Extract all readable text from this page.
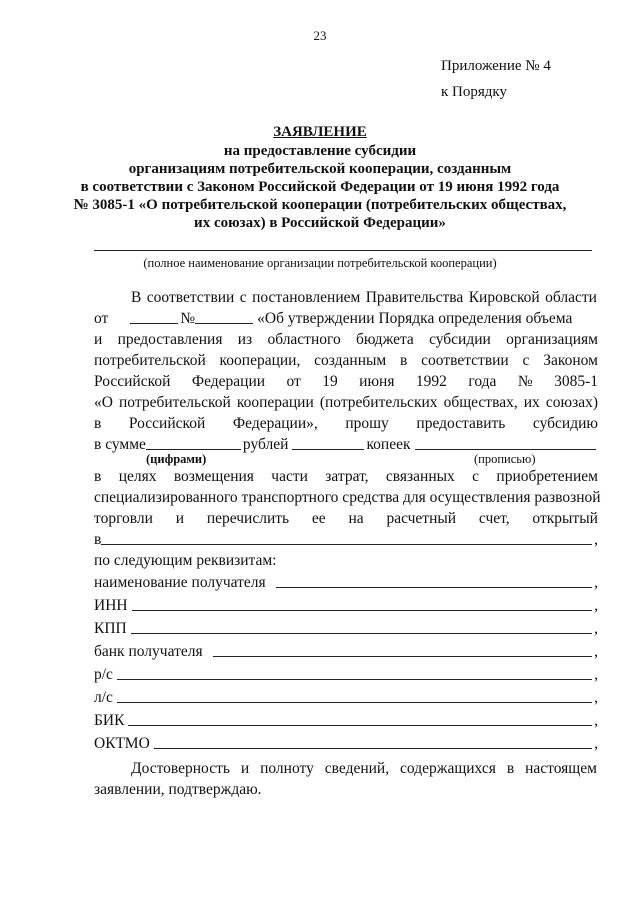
23
Приложение № 4
к Порядку
ЗАЯВЛЕНИЕ
на предоставление субсидии
организациям потребительской кооперации, созданным
в соответствии с Законом Российской Федерации от 19 июня 1992 года
№ 3085-1 «О потребительской кооперации (потребительских обществах,
их союзах) в Российской Федерации»
(полное наименование организации потребительской кооперации)
В соответствии с постановлением Правительства Кировской области
от	№	«Об утверждении Порядка определения объема
и предоставления из областного бюджета субсидии организациям
потребительской кооперации, созданным в соответствии с Законом
Российской Федерации от 19 июня 1992 года № 3085-1
«О потребительской кооперации (потребительских обществах, их союзах)
в Российской Федерации», прошу предоставить субсидию
в сумме	рублей	копеек
(цифрами)	(прописью)
в целях возмещения части затрат, связанных с приобретением
специализированного транспортного средства для осуществления развозной
торговли и перечислить ее на расчетный счет, открытый
в	,
по следующим реквизитам:
наименование получателя	,
ИНН	,
КПП	,
банк получателя	,
р/с	,
л/с	,
БИК	,
ОКТМО	,
Достоверность и полноту сведений, содержащихся в настоящем
заявлении, подтверждаю.
